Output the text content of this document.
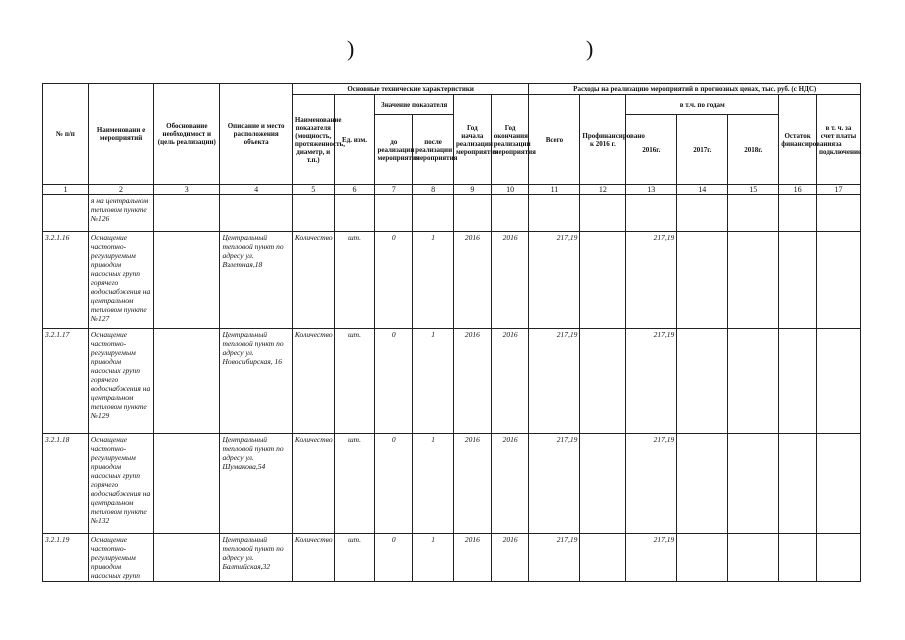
)	)
№ п/п	Наименовани е мероприятий	Обоснование необходимост и (цель реализации)	Описание и место расположения объекта	Основные технические характеристики						Расходы на реализацию мероприятий в прогнозных ценах, тыс. руб. (с НДС)						
				Наименование показателя (мощность, протяженность, диаметр, и т.п.)	Ед. изм.	Значение показателя		Год начала реализации мероприятия	Год окончания реализации мероприятия	Всего	Профинансировано к 2016 г.	в т.ч. по годам			Остаток финансирования	в т. ч. за счет платы за подключение
						до реализации мероприятия	после реализации мероприятия					2016г.	2017г.	2018г.		

1	2	3	4	5	6	7	8	9	10	11	12	13	14	15	16	17
	я на центральном тепловом пункте №126															
3.2.1.16	Оснащение частотно-регулируемым приводом насосных групп горячего водоснабжения на центральном тепловом пункте №127		Центральный тепловой пункт по адресу ул. Взлетная,18	Количество	шт.	0	1	2016	2016	217,19		217,19				
3.2.1.17	Оснащение частотно-регулируемым приводом насосных групп горячего водоснабжения на центральном тепловом пункте №129		Центральный тепловой пункт по адресу ул. Новосибирская, 16	Количество	шт.	0	1	2016	2016	217,19		217,19				
3.2.1.18	Оснащение частотно-регулируемым приводом насосных групп горячего водоснабжения на центральном тепловом пункте №132		Центральный тепловой пункт по адресу ул. Шумакова,54	Количество	шт.	0	1	2016	2016	217,19		217,19				
3.2.1.19	Оснащение частотно-регулируемым приводом насосных групп		Центральный тепловой пункт по адресу ул. Балтийская,32	Количество	шт.	0	1	2016	2016	217,19		217,19				
